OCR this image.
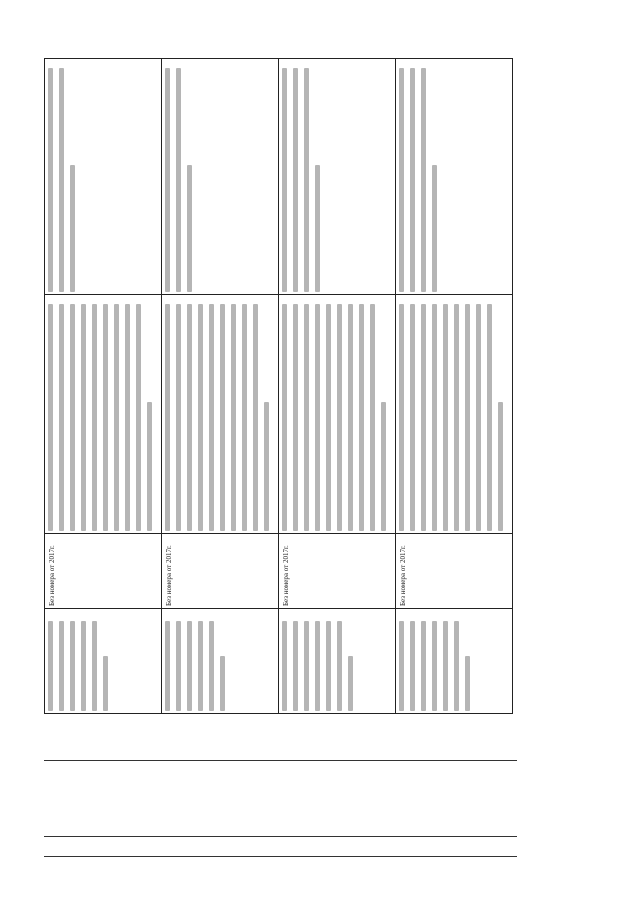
Без номера от 2017г.	Без номера от 2017г.	Без номера от 2017г.	Без номера от 2017г.
